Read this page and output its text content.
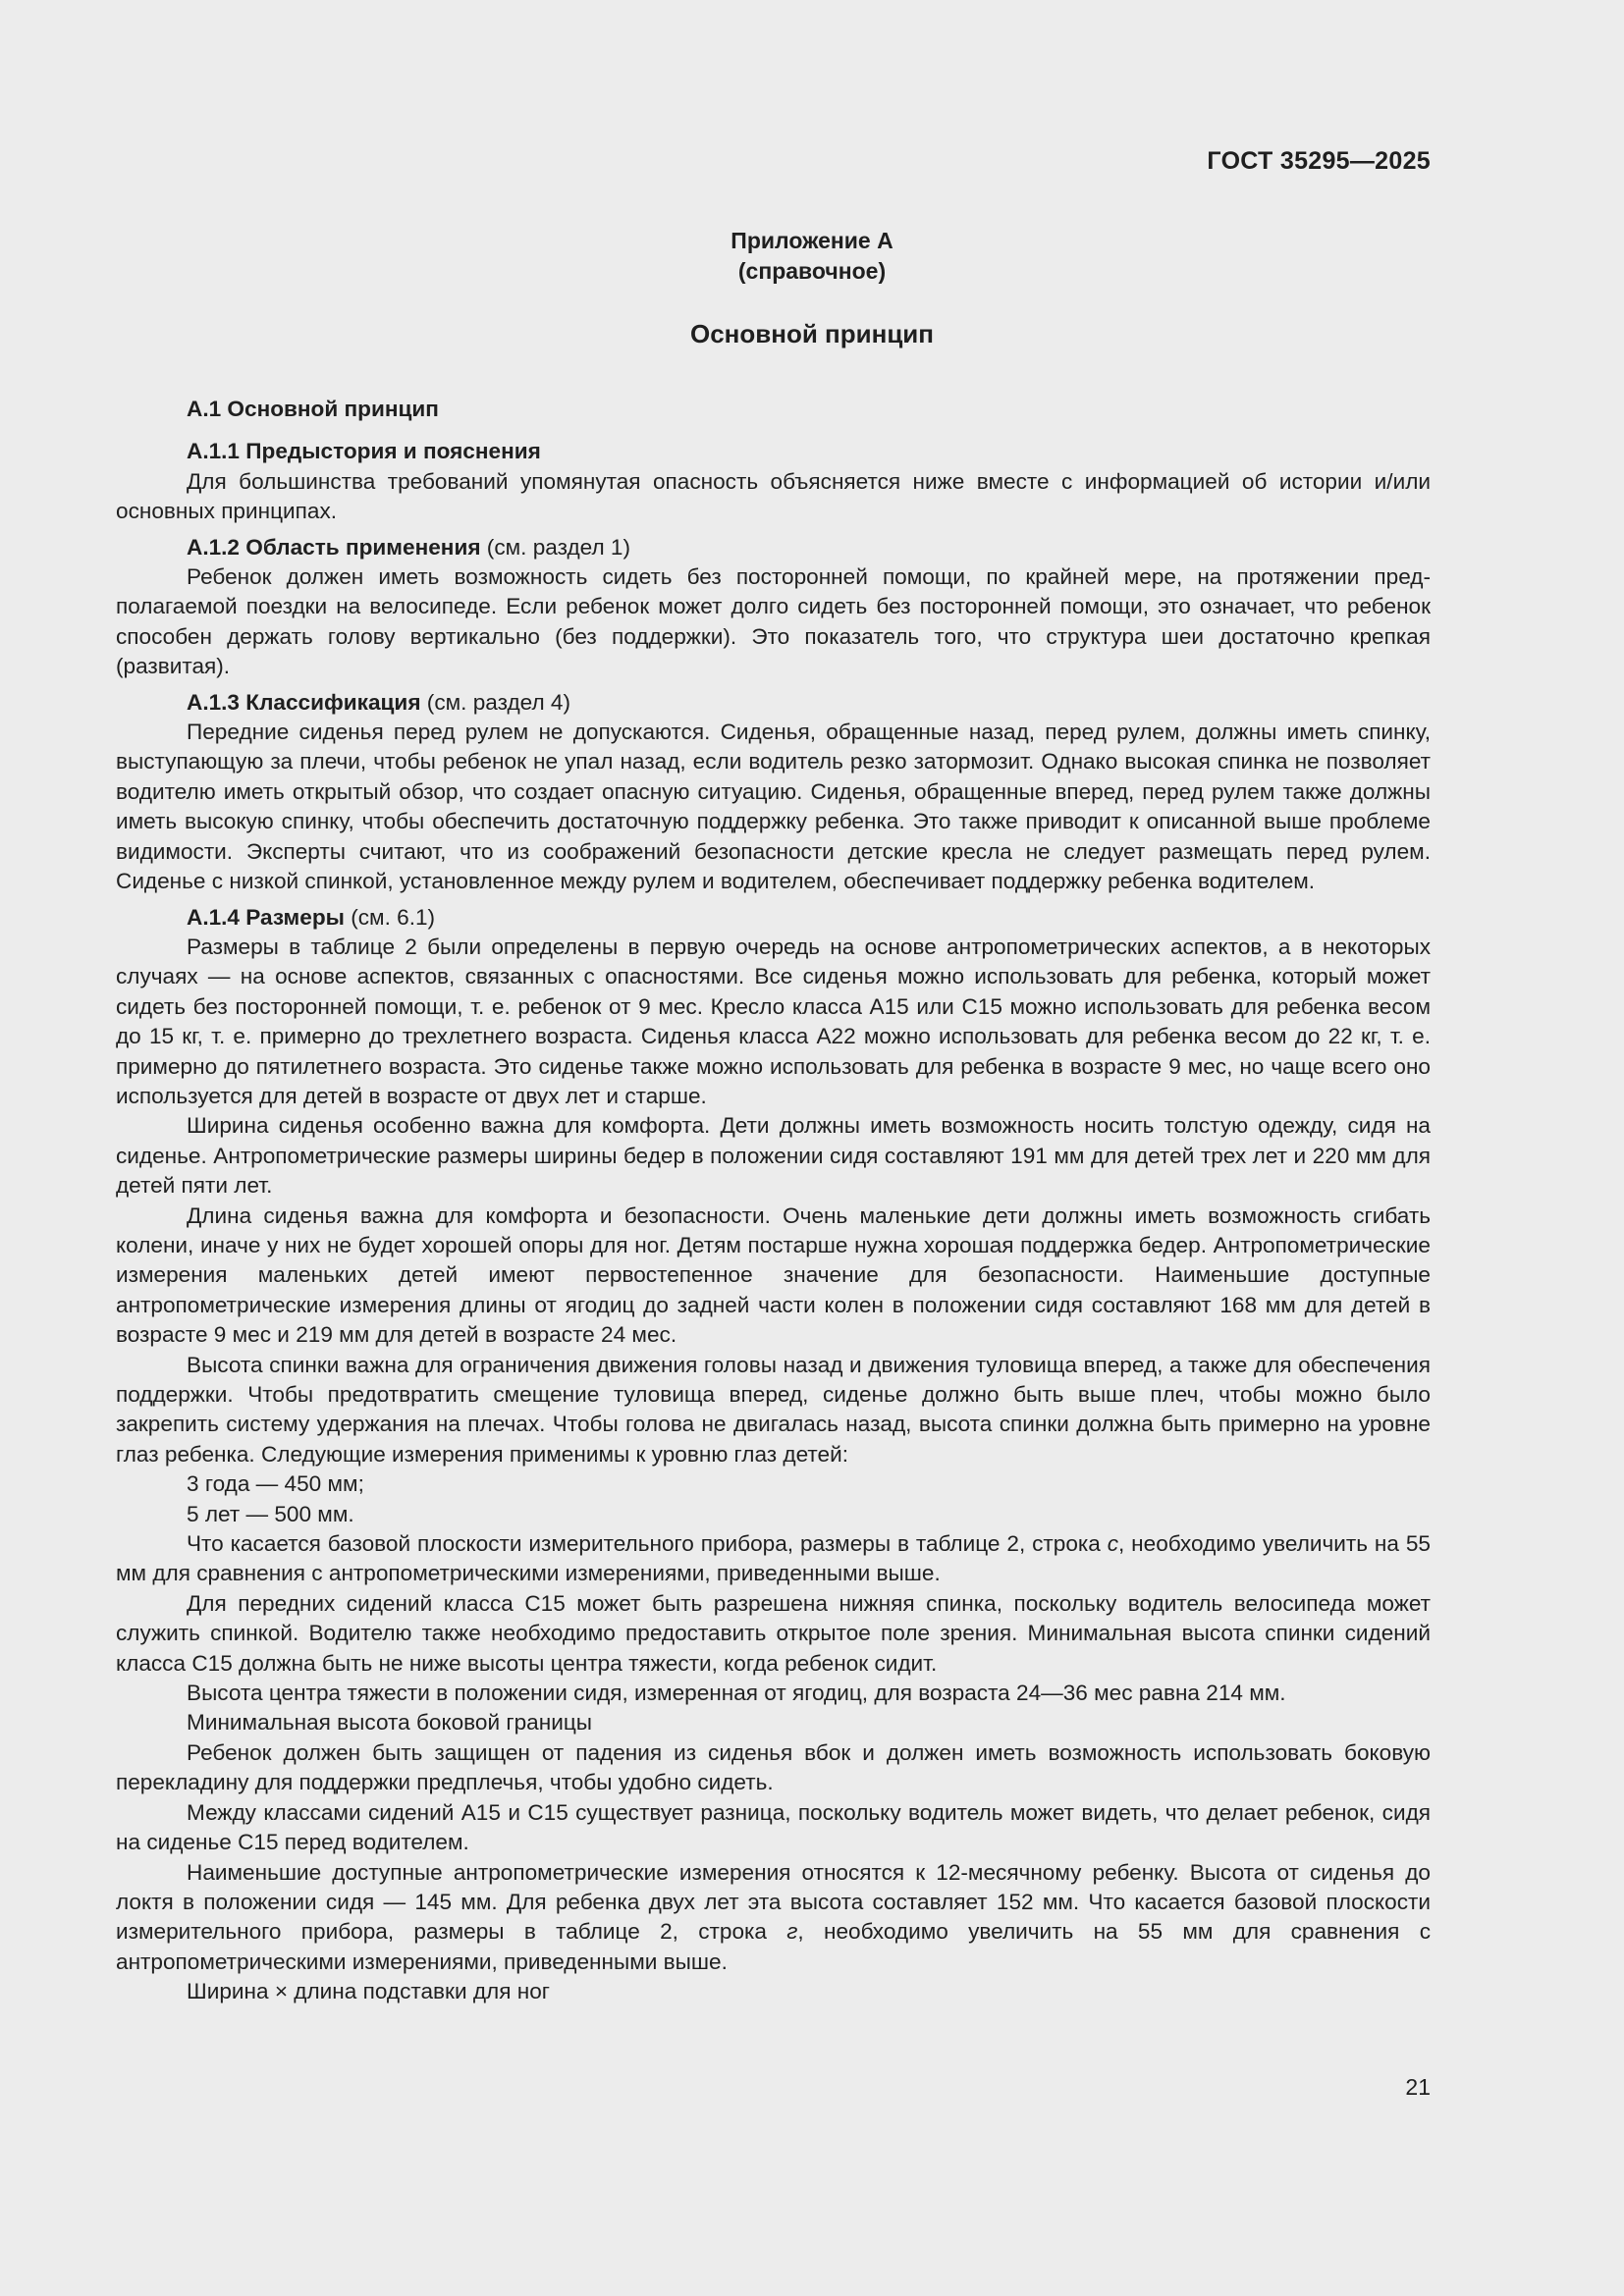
ГОСТ 35295—2025
Приложение А
(справочное)
Основной принцип

А.1 Основной принцип

А.1.1 Предыстория и пояснения

Для большинства требований упомянутая опасность объясняется ниже вместе с информацией об истории и/или основных принципах.

А.1.2 Область применения (см. раздел 1)

Ребенок должен иметь возможность сидеть без посторонней помощи, по крайней мере, на протяжении предполагаемой поездки на велосипеде. Если ребенок может долго сидеть без посторонней помощи, это означает, что ребенок способен держать голову вертикально (без поддержки). Это показатель того, что структура шеи достаточно крепкая (развитая).

А.1.3 Классификация (см. раздел 4)

Передние сиденья перед рулем не допускаются. Сиденья, обращенные назад, перед рулем, должны иметь спинку, выступающую за плечи, чтобы ребенок не упал назад, если водитель резко затормозит. Однако высокая спинка не позволяет водителю иметь открытый обзор, что создает опасную ситуацию. Сиденья, обращенные вперед, перед рулем также должны иметь высокую спинку, чтобы обеспечить достаточную поддержку ребенка. Это также приводит к описанной выше проблеме видимости. Эксперты считают, что из соображений безопасности детские кресла не следует размещать перед рулем. Сиденье с низкой спинкой, установленное между рулем и водителем, обеспечивает поддержку ребенка водителем.

А.1.4 Размеры (см. 6.1)

Размеры в таблице 2 были определены в первую очередь на основе антропометрических аспектов, а в некоторых случаях — на основе аспектов, связанных с опасностями. Все сиденья можно использовать для ребенка, который может сидеть без посторонней помощи, т. е. ребенок от 9 мес. Кресло класса А15 или С15 можно использовать для ребенка весом до 15 кг, т. е. примерно до трехлетнего возраста. Сиденья класса А22 можно использовать для ребенка весом до 22 кг, т. е. примерно до пятилетнего возраста. Это сиденье также можно использовать для ребенка в возрасте 9 мес, но чаще всего оно используется для детей в возрасте от двух лет и старше.

Ширина сиденья особенно важна для комфорта. Дети должны иметь возможность носить толстую одежду, сидя на сиденье. Антропометрические размеры ширины бедер в положении сидя составляют 191 мм для детей трех лет и 220 мм для детей пяти лет.

Длина сиденья важна для комфорта и безопасности. Очень маленькие дети должны иметь возможность сгибать колени, иначе у них не будет хорошей опоры для ног. Детям постарше нужна хорошая поддержка бедер. Антропометрические измерения маленьких детей имеют первостепенное значение для безопасности. Наименьшие доступные антропометрические измерения длины от ягодиц до задней части колен в положении сидя составляют 168 мм для детей в возрасте 9 мес и 219 мм для детей в возрасте 24 мес.

Высота спинки важна для ограничения движения головы назад и движения туловища вперед, а также для обеспечения поддержки. Чтобы предотвратить смещение туловища вперед, сиденье должно быть выше плеч, чтобы можно было закрепить систему удержания на плечах. Чтобы голова не двигалась назад, высота спинки должна быть примерно на уровне глаз ребенка. Следующие измерения применимы к уровню глаз детей:

3 года — 450 мм;

5 лет — 500 мм.

Что касается базовой плоскости измерительного прибора, размеры в таблице 2, строка c, необходимо увеличить на 55 мм для сравнения с антропометрическими измерениями, приведенными выше.

Для передних сидений класса С15 может быть разрешена нижняя спинка, поскольку водитель велосипеда может служить спинкой. Водителю также необходимо предоставить открытое поле зрения. Минимальная высота спинки сидений класса С15 должна быть не ниже высоты центра тяжести, когда ребенок сидит.

Высота центра тяжести в положении сидя, измеренная от ягодиц, для возраста 24—36 мес равна 214 мм.

Минимальная высота боковой границы

Ребенок должен быть защищен от падения из сиденья вбок и должен иметь возможность использовать боковую перекладину для поддержки предплечья, чтобы удобно сидеть.

Между классами сидений А15 и С15 существует разница, поскольку водитель может видеть, что делает ребенок, сидя на сиденье С15 перед водителем.

Наименьшие доступные антропометрические измерения относятся к 12-месячному ребенку. Высота от сиденья до локтя в положении сидя — 145 мм. Для ребенка двух лет эта высота составляет 152 мм. Что касается базовой плоскости измерительного прибора, размеры в таблице 2, строка г, необходимо увеличить на 55 мм для сравнения с антропометрическими измерениями, приведенными выше.

Ширина × длина подставки для ног

21
